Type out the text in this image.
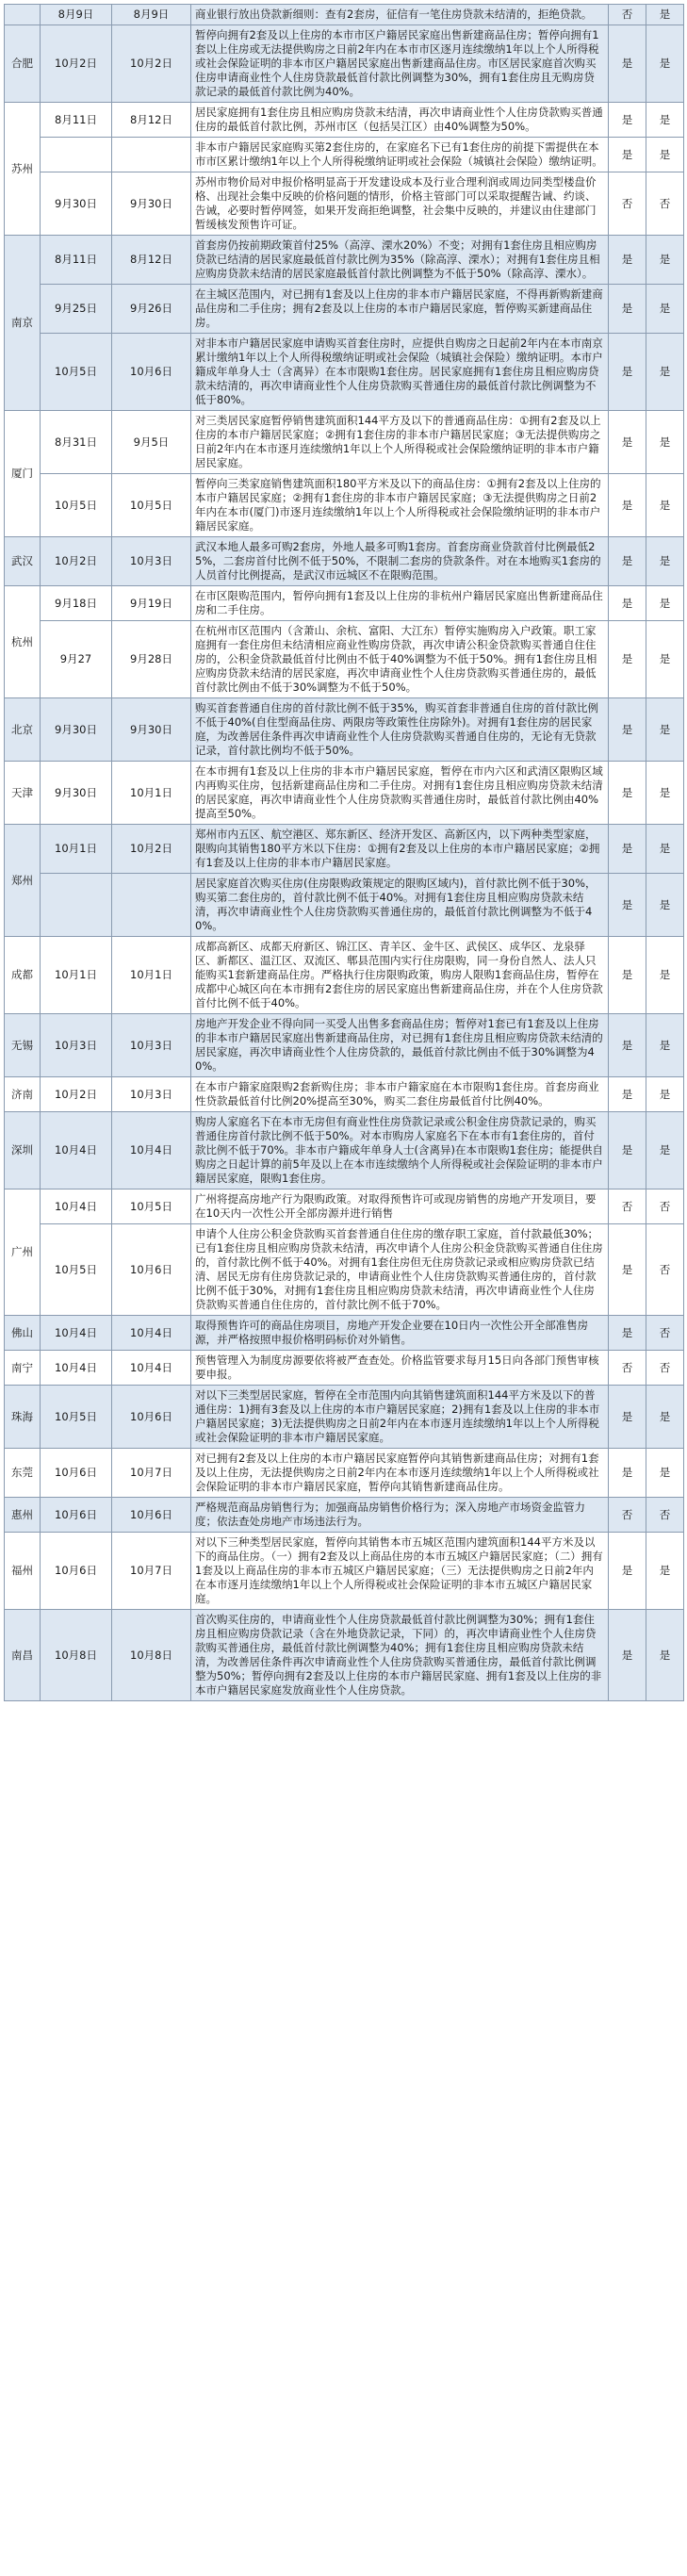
	8月9日	8月9日	商业银行放出贷款新细则：查有2套房，征信有一笔住房贷款未结清的，拒绝贷款。	否	是
合肥	10月2日	10月2日	暂停向拥有2套及以上住房的本市市区户籍居民家庭出售新建商品住房；暂停向拥有1套以上住房或无法提供购房之日前2年内在本市市区逐月连续缴纳1年以上个人所得税或社会保险证明的非本市区户籍居民家庭出售新建商品住房。市区居民家庭首次购买住房申请商业性个人住房贷款最低首付款比例调整为30%，拥有1套住房且无购房贷款记录的最低首付款比例为40%。	是	是
苏州	8月11日	8月12日	居民家庭拥有1套住房且相应购房贷款未结清，再次申请商业性个人住房贷款购买普通住房的最低首付款比例，苏州市区（包括吴江区）由40%调整为50%。	是	是
			非本市户籍居民家庭购买第2套住房的，在家庭名下已有1套住房的前提下需提供在本市市区累计缴纳1年以上个人所得税缴纳证明或社会保险（城镇社会保险）缴纳证明。	是	是
	9月30日	9月30日	苏州市物价局对申报价格明显高于开发建设成本及行业合理利润或周边同类型楼盘价格、出现社会集中反映的价格问题的情形，价格主管部门可以采取提醒告诫、约谈、告诫，必要时暂停网签，如果开发商拒绝调整，社会集中反映的，并建议由住建部门暂缓核发预售许可证。	否	否
南京	8月11日	8月12日	首套房仍按前期政策首付25%（高淳、溧水20%）不变；对拥有1套住房且相应购房贷款已结清的居民家庭最低首付款比例为35%（除高淳、溧水）；对拥有1套住房且相应购房贷款未结清的居民家庭最低首付款比例调整为不低于50%（除高淳、溧水）。	是	是
	9月25日	9月26日	在主城区范围内，对已拥有1套及以上住房的非本市户籍居民家庭，不得再新购新建商品住房和二手住房；拥有2套及以上住房的本市户籍居民家庭，暂停购买新建商品住房。	是	是
	10月5日	10月6日	对非本市户籍居民家庭申请购买首套住房时，应提供自购房之日起前2年内在本市南京累计缴纳1年以上个人所得税缴纳证明或社会保险（城镇社会保险）缴纳证明。本市户籍成年单身人士（含离异）在本市限购1套住房。居民家庭拥有1套住房且相应购房贷款未结清的，再次申请商业性个人住房贷款购买普通住房的最低首付款比例调整为不低于80%。	是	是
厦门	8月31日	9月5日	对三类居民家庭暂停销售建筑面积144平方及以下的普通商品住房：①拥有2套及以上住房的本市户籍居民家庭；②拥有1套住房的非本市户籍居民家庭；③无法提供购房之日前2年内在本市逐月连续缴纳1年以上个人所得税或社会保险缴纳证明的非本市户籍居民家庭。	是	是
	10月5日	10月5日	暂停向三类家庭销售建筑面积180平方米及以下的商品住房：①拥有2套及以上住房的本市户籍居民家庭；②拥有1套住房的非本市户籍居民家庭；③无法提供购房之日前2年内在本市(厦门)市逐月连续缴纳1年以上个人所得税或社会保险缴纳证明的非本市户籍居民家庭。	是	是
武汉	10月2日	10月3日	武汉本地人最多可购2套房，外地人最多可购1套房。首套房商业贷款首付比例最低25%，二套房首付比例不低于50%，不限制二套房的贷款条件。对在本地购买1套房的人员首付比例提高，是武汉市远城区不在限购范围。	是	是
杭州	9月18日	9月19日	在市区限购范围内，暂停向拥有1套及以上住房的非杭州户籍居民家庭出售新建商品住房和二手住房。	是	是
	9月27	9月28日	在杭州市区范围内（含萧山、余杭、富阳、大江东）暂停实施购房入户政策。职工家庭拥有一套住房但未结清相应商业性购房贷款，再次申请公积金贷款购买普通自住住房的，公积金贷款最低首付比例由不低于40%调整为不低于50%。拥有1套住房且相应购房贷款未结清的居民家庭，再次申请商业性个人住房贷款购买普通住房的，最低首付款比例由不低于30%调整为不低于50%。	是	是
北京	9月30日	9月30日	购买首套普通自住房的首付款比例不低于35%，购买首套非普通自住房的首付款比例不低于40%(自住型商品住房、两限房等政策性住房除外)。对拥有1套住房的居民家庭，为改善居住条件再次申请商业性个人住房贷款购买普通自住房的，无论有无贷款记录，首付款比例均不低于50%。	是	是
天津	9月30日	10月1日	在本市拥有1套及以上住房的非本市户籍居民家庭，暂停在市内六区和武清区限购区域内再购买住房，包括新建商品住房和二手住房。对拥有1套住房且相应购房贷款未结清的居民家庭，再次申请商业性个人住房贷款购买普通住房时，最低首付款比例由40%提高至50%。	是	是
郑州	10月1日	10月2日	郑州市内五区、航空港区、郑东新区、经济开发区、高新区内，以下两种类型家庭，限购向其销售180平方米以下住房：①拥有2套及以上住房的本市户籍居民家庭；②拥有1套及以上住房的非本市户籍居民家庭。	是	是
			居民家庭首次购买住房(住房限购政策规定的限购区域内)，首付款比例不低于30%，购买第二套住房的，首付款比例不低于40%。对拥有1套住房且相应购房贷款未结清，再次申请商业性个人住房贷款购买普通住房的，最低首付款比例调整为不低于40%。	是	是
成都	10月1日	10月1日	成都高新区、成都天府新区、锦江区、青羊区、金牛区、武侯区、成华区、龙泉驿区、新都区、温江区、双流区、郫县范围内实行住房限购，同一身份自然人、法人只能购买1套新建商品住房。严格执行住房限购政策，购房人限购1套商品住房，暂停在成都中心城区向在本市拥有2套住房的居民家庭出售新建商品住房，并在个人住房贷款首付比例不低于40%。	是	是
无锡	10月3日	10月3日	房地产开发企业不得向同一买受人出售多套商品住房；暂停对1套已有1套及以上住房的非本市户籍居民家庭出售新建商品住房，对已拥有1套住房且相应购房贷款未结清的居民家庭，再次申请商业性个人住房贷款的，最低首付款比例由不低于30%调整为40%。	是	是
济南	10月2日	10月3日	在本市户籍家庭限购2套新购住房；非本市户籍家庭在本市限购1套住房。首套房商业性贷款最低首付比例20%提高至30%，购买二套住房最低首付比例40%。	是	是
深圳	10月4日	10月4日	购房人家庭名下在本市无房但有商业性住房贷款记录或公积金住房贷款记录的，购买普通住房首付款比例不低于50%。对本市购房人家庭名下在本市有1套住房的，首付款比例不低于70%。非本市户籍成年单身人士(含离异)在本市限购1套住房；能提供自购房之日起计算的前5年及以上在本市连续缴纳个人所得税或社会保险证明的非本市户籍居民家庭，限购1套住房。	是	是
广州	10月4日	10月5日	广州将提高房地产行为限购政策。对取得预售许可或现房销售的房地产开发项目，要在10天内一次性公开全部房源并进行销售	否	否
	10月5日	10月6日	申请个人住房公积金贷款购买首套普通自住住房的缴存职工家庭，首付款最低30%；已有1套住房且相应购房贷款未结清，再次申请个人住房公积金贷款购买普通自住住房的，首付款比例不低于40%。对拥有1套住房但无住房贷款记录或相应购房贷款已结清、居民无房有住房贷款记录的，申请商业性个人住房贷款购买普通住房的，首付款比例不低于30%，对拥有1套住房且相应购房贷款未结清，再次申请商业性个人住房贷款购买普通自住住房的，首付款比例不低于70%。	是	否
佛山	10月4日	10月4日	取得预售许可的商品住房项目，房地产开发企业要在10日内一次性公开全部准售房源，并严格按照申报价格明码标价对外销售。	是	否
南宁	10月4日	10月4日	预售管理入为制度房源要依将被严查查处。价格监管要求每月15日向各部门预售审核要申报。	否	否
珠海	10月5日	10月6日	对以下三类型居民家庭，暂停在全市范围内向其销售建筑面积144平方米及以下的普通住房：1)拥有3套及以上住房的本市户籍居民家庭；2)拥有1套及以上住房的非本市户籍居民家庭；3)无法提供购房之日前2年内在本市逐月连续缴纳1年以上个人所得税或社会保险证明的非本市户籍居民家庭。	是	是
东莞	10月6日	10月7日	对已拥有2套及以上住房的本市户籍居民家庭暂停向其销售新建商品住房；对拥有1套及以上住房，无法提供购房之日前2年内在本市逐月连续缴纳1年以上个人所得税或社会保险证明的非本市户籍居民家庭，暂停向其销售新建商品住房。	是	是
惠州	10月6日	10月6日	严格规范商品房销售行为；加强商品房销售价格行为；深入房地产市场资金监管力度；依法查处房地产市场违法行为。	否	否
福州	10月6日	10月7日	对以下三种类型居民家庭，暂停向其销售本市五城区范围内建筑面积144平方米及以下的商品住房。（一）拥有2套及以上商品住房的本市五城区户籍居民家庭；（二）拥有1套及以上商品住房的非本市五城区户籍居民家庭；（三）无法提供购房之日前2年内在本市逐月连续缴纳1年以上个人所得税或社会保险证明的非本市五城区户籍居民家庭。	是	是
南昌	10月8日	10月8日	首次购买住房的，申请商业性个人住房贷款最低首付款比例调整为30%；拥有1套住房且相应购房贷款记录（含在外地贷款记录，下同）的，再次申请商业性个人住房贷款购买普通住房，最低首付款比例调整为40%；拥有1套住房且相应购房贷款未结清，为改善居住条件再次申请商业性个人住房贷款购买普通住房，最低首付款比例调整为50%；暂停向拥有2套及以上住房的本市户籍居民家庭、拥有1套及以上住房的非本市户籍居民家庭发放商业性个人住房贷款。	是	是
